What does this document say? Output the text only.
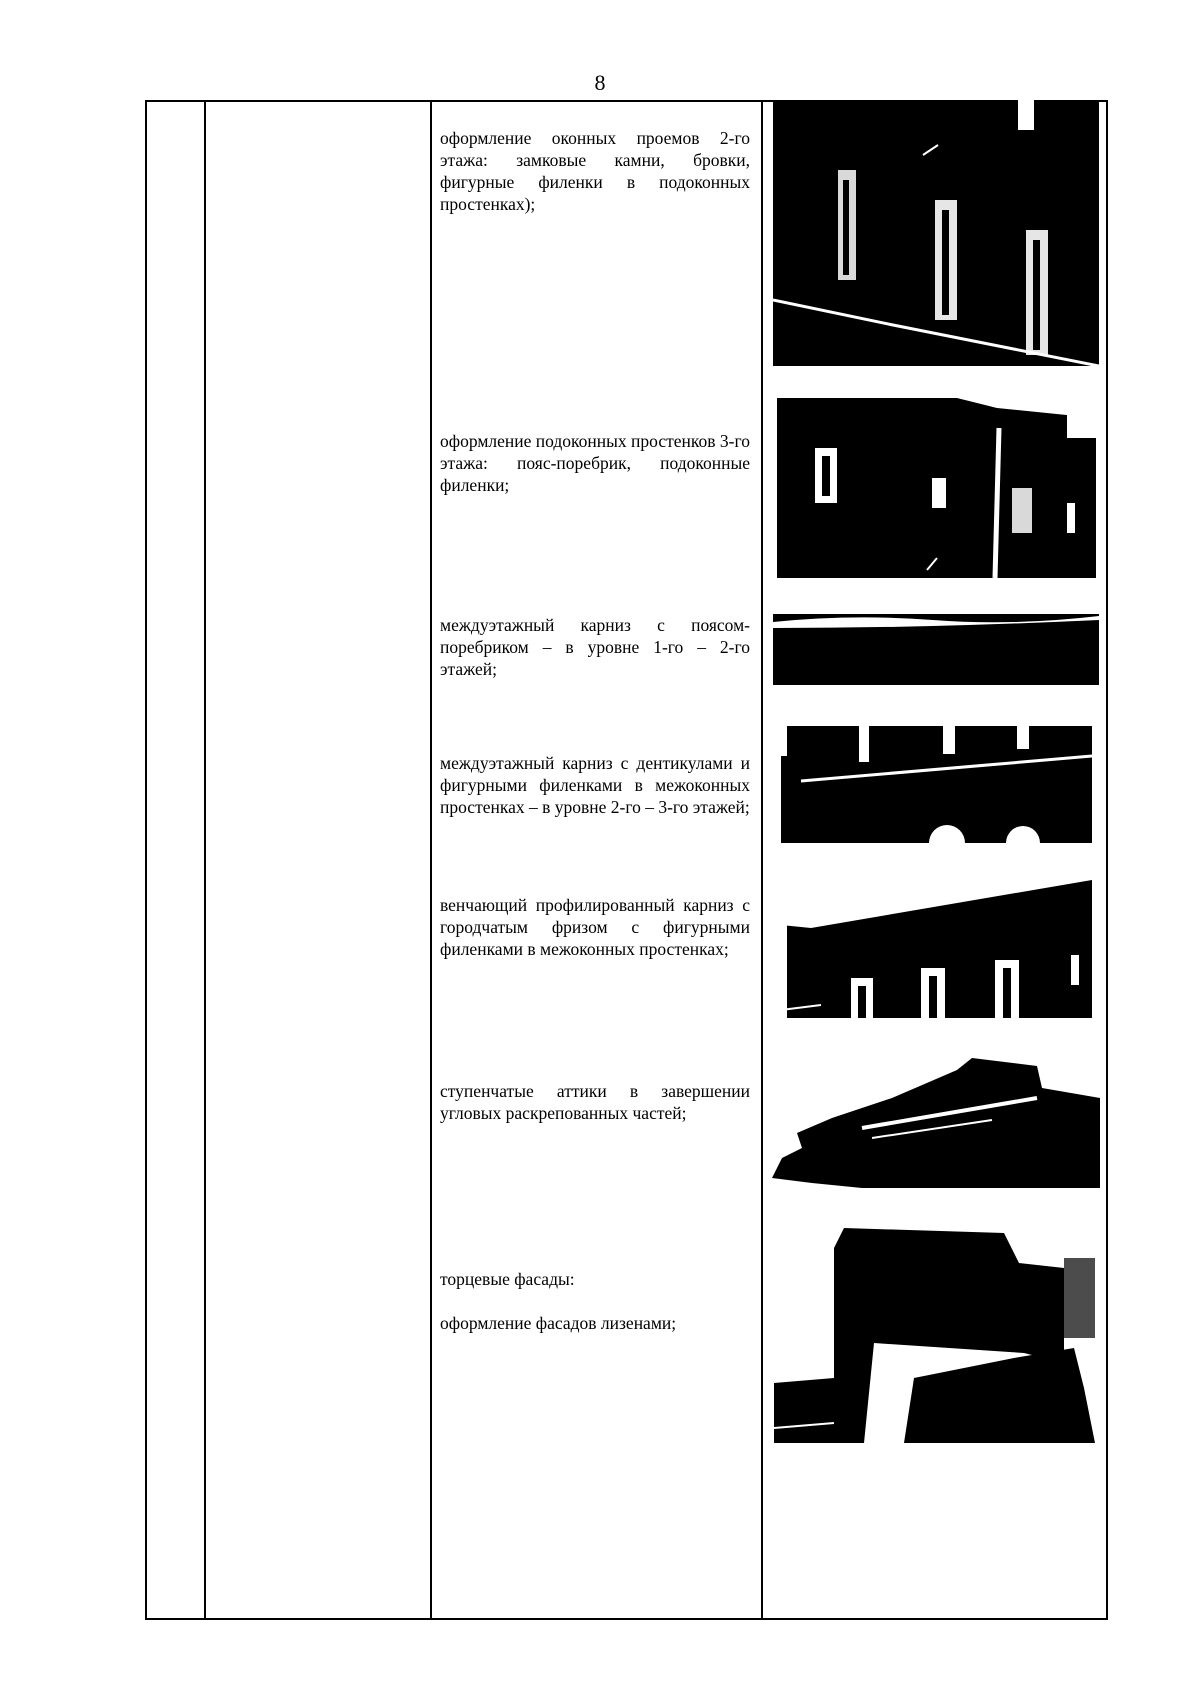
8
оформление оконных проемов 2-го этажа: замковые камни, бровки, фигурные филенки в подоконных простенках);
оформление подоконных простенков 3-го этажа: пояс-поребрик, подоконные филенки;
междуэтажный карниз с поясом-поребриком – в уровне 1-го – 2-го этажей;
междуэтажный карниз с дентикулами и фигурными филенками в межоконных простенках – в уровне 2-го – 3-го этажей;
венчающий профилированный карниз с городчатым фризом с фигурными филенками в межоконных простенках;
ступенчатые аттики в завершении угловых раскрепованных частей;
торцевые фасады:
оформление фасадов лизенами;
